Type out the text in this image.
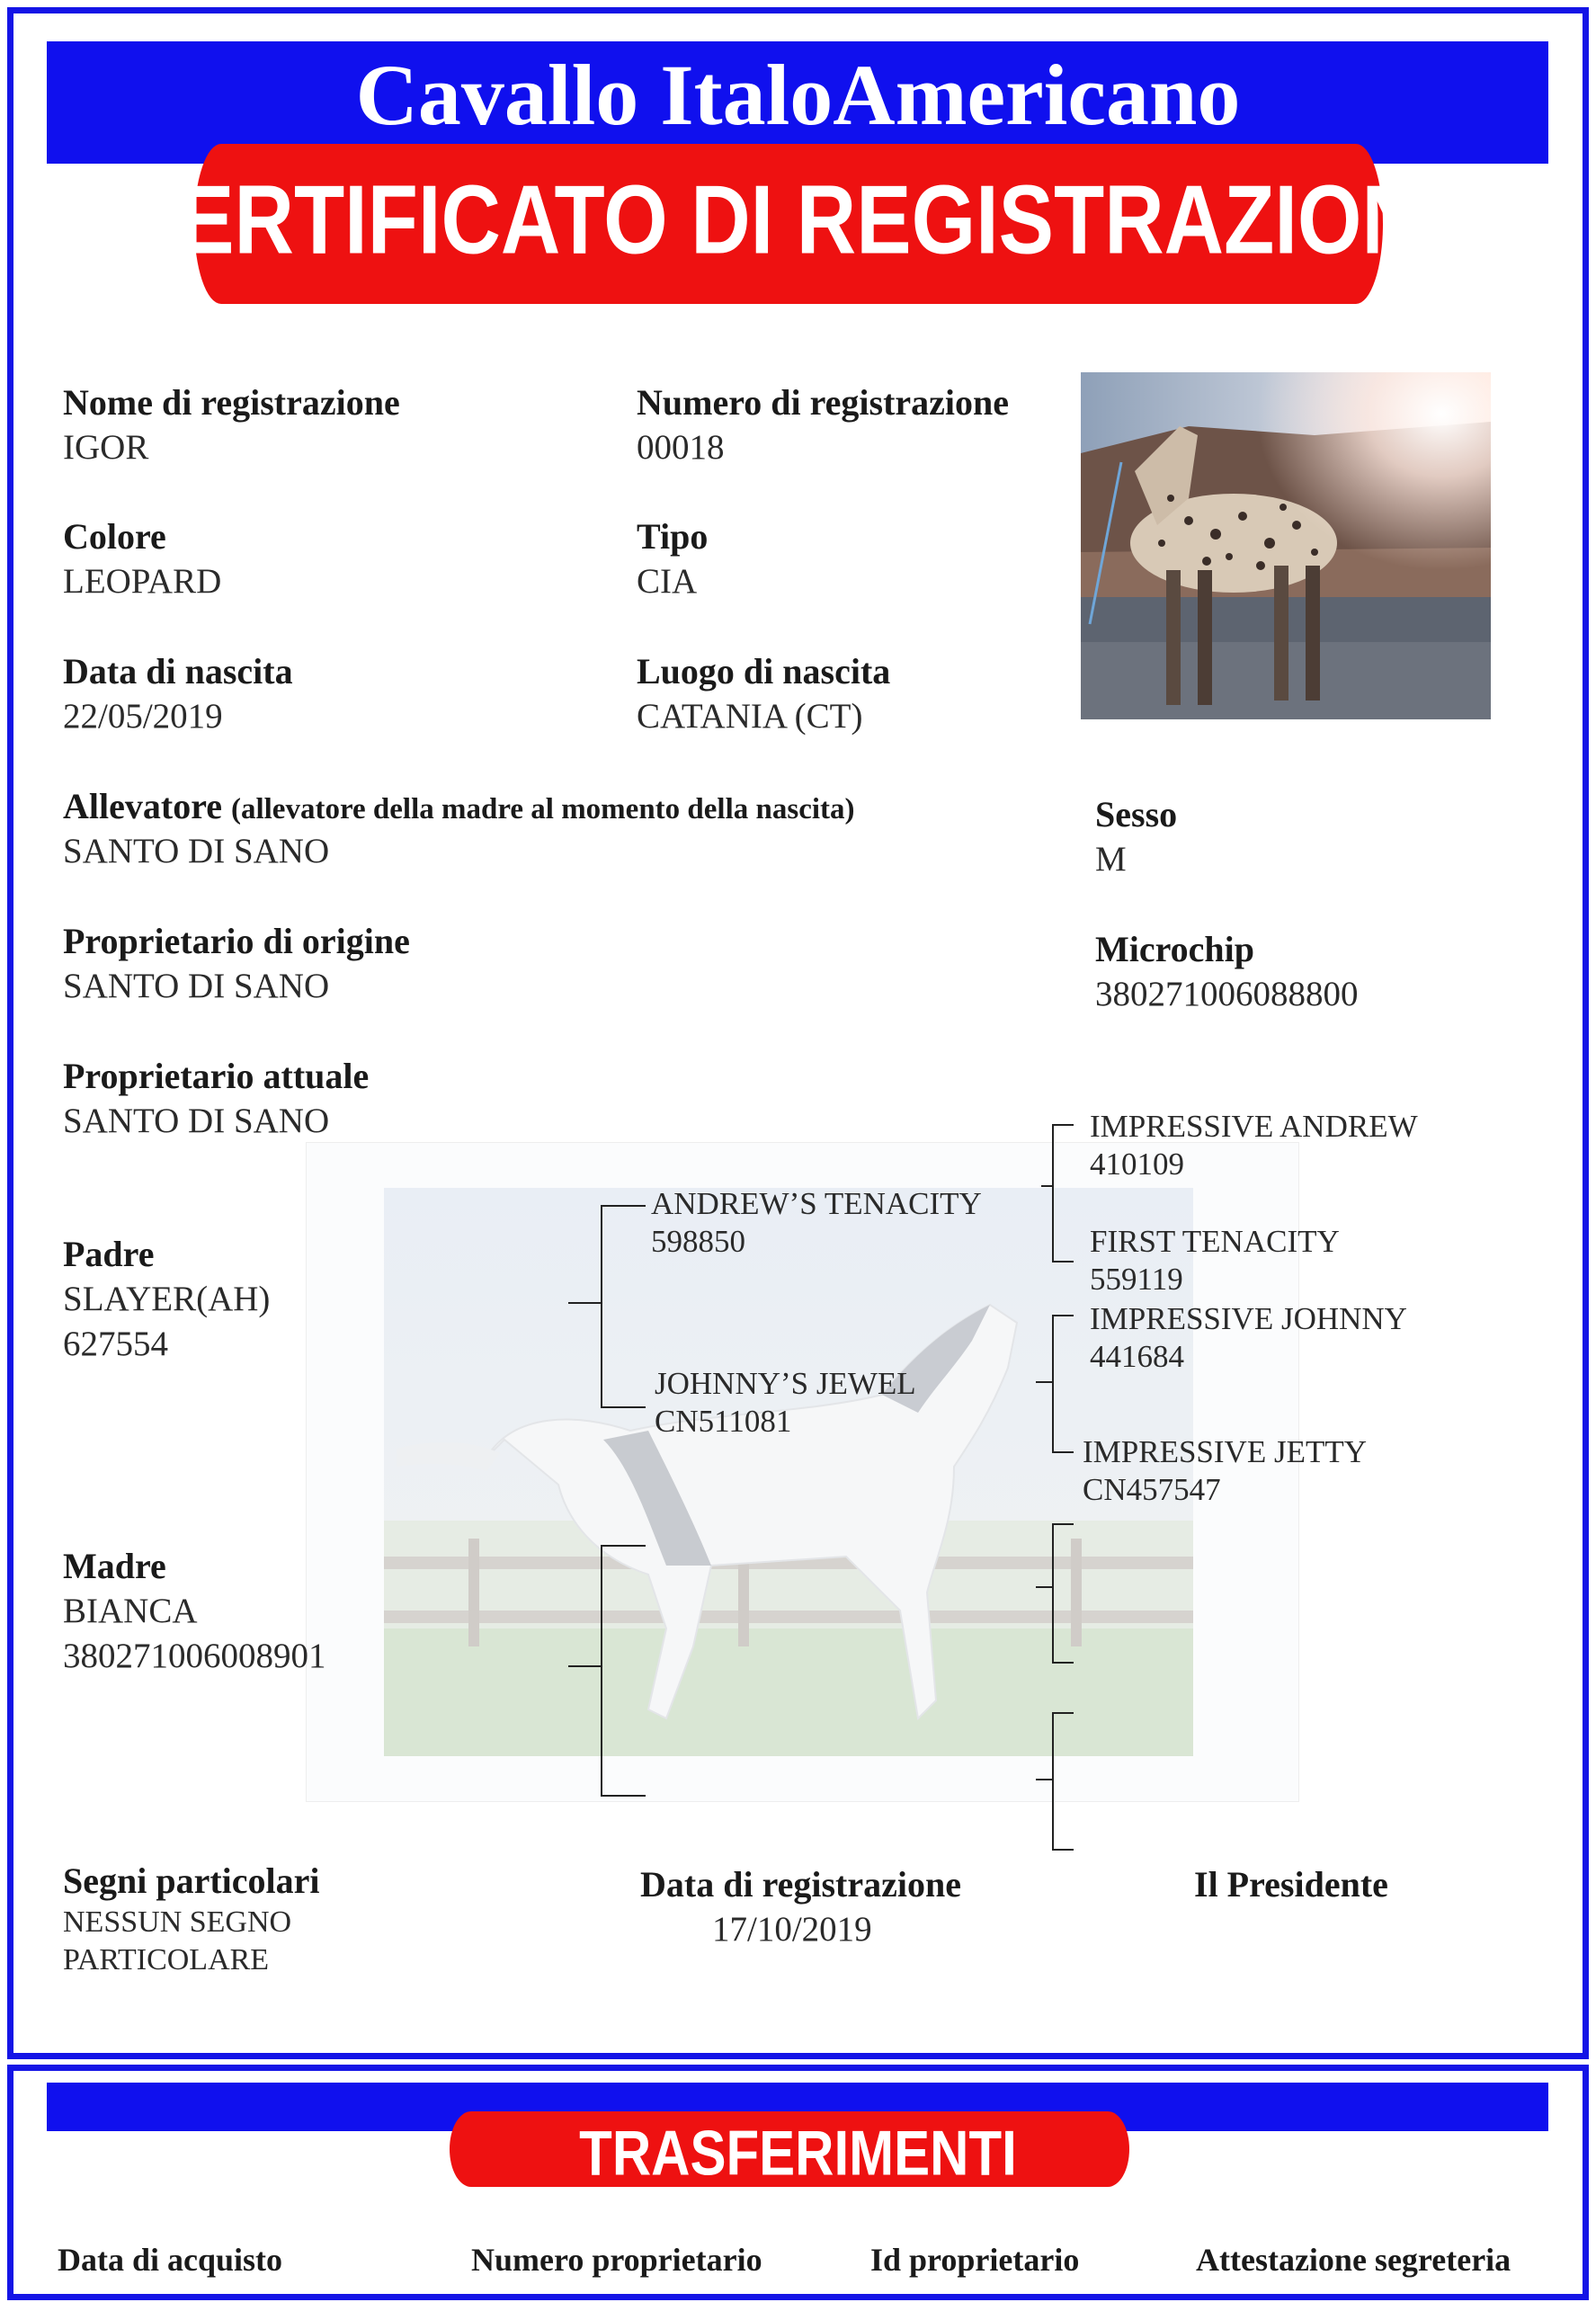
Cavallo ItaloAmericano
CERTIFICATO DI REGISTRAZIONE
Nome di registrazione
IGOR
Numero di registrazione
00018
Colore
LEOPARD
Tipo
CIA
Data di nascita
22/05/2019
Luogo di nascita
CATANIA (CT)
Allevatore (allevatore della madre al momento della nascita)
SANTO DI SANO
Sesso
M
Proprietario di origine
SANTO DI SANO
Microchip
380271006088800
Proprietario attuale
SANTO DI SANO
Padre
SLAYER(AH)
627554
Madre
BIANCA
380271006008901
ANDREW’S TENACITY
598850
JOHNNY’S JEWEL
CN511081
IMPRESSIVE ANDREW
410109
FIRST TENACITY
559119
IMPRESSIVE JOHNNY
441684
IMPRESSIVE JETTY
CN457547
Segni particolari
NESSUN SEGNO
PARTICOLARE
Data di registrazione
17/10/2019
Il Presidente
TRASFERIMENTI
Data di acquisto	Numero proprietario	Id proprietario	Attestazione segreteria
